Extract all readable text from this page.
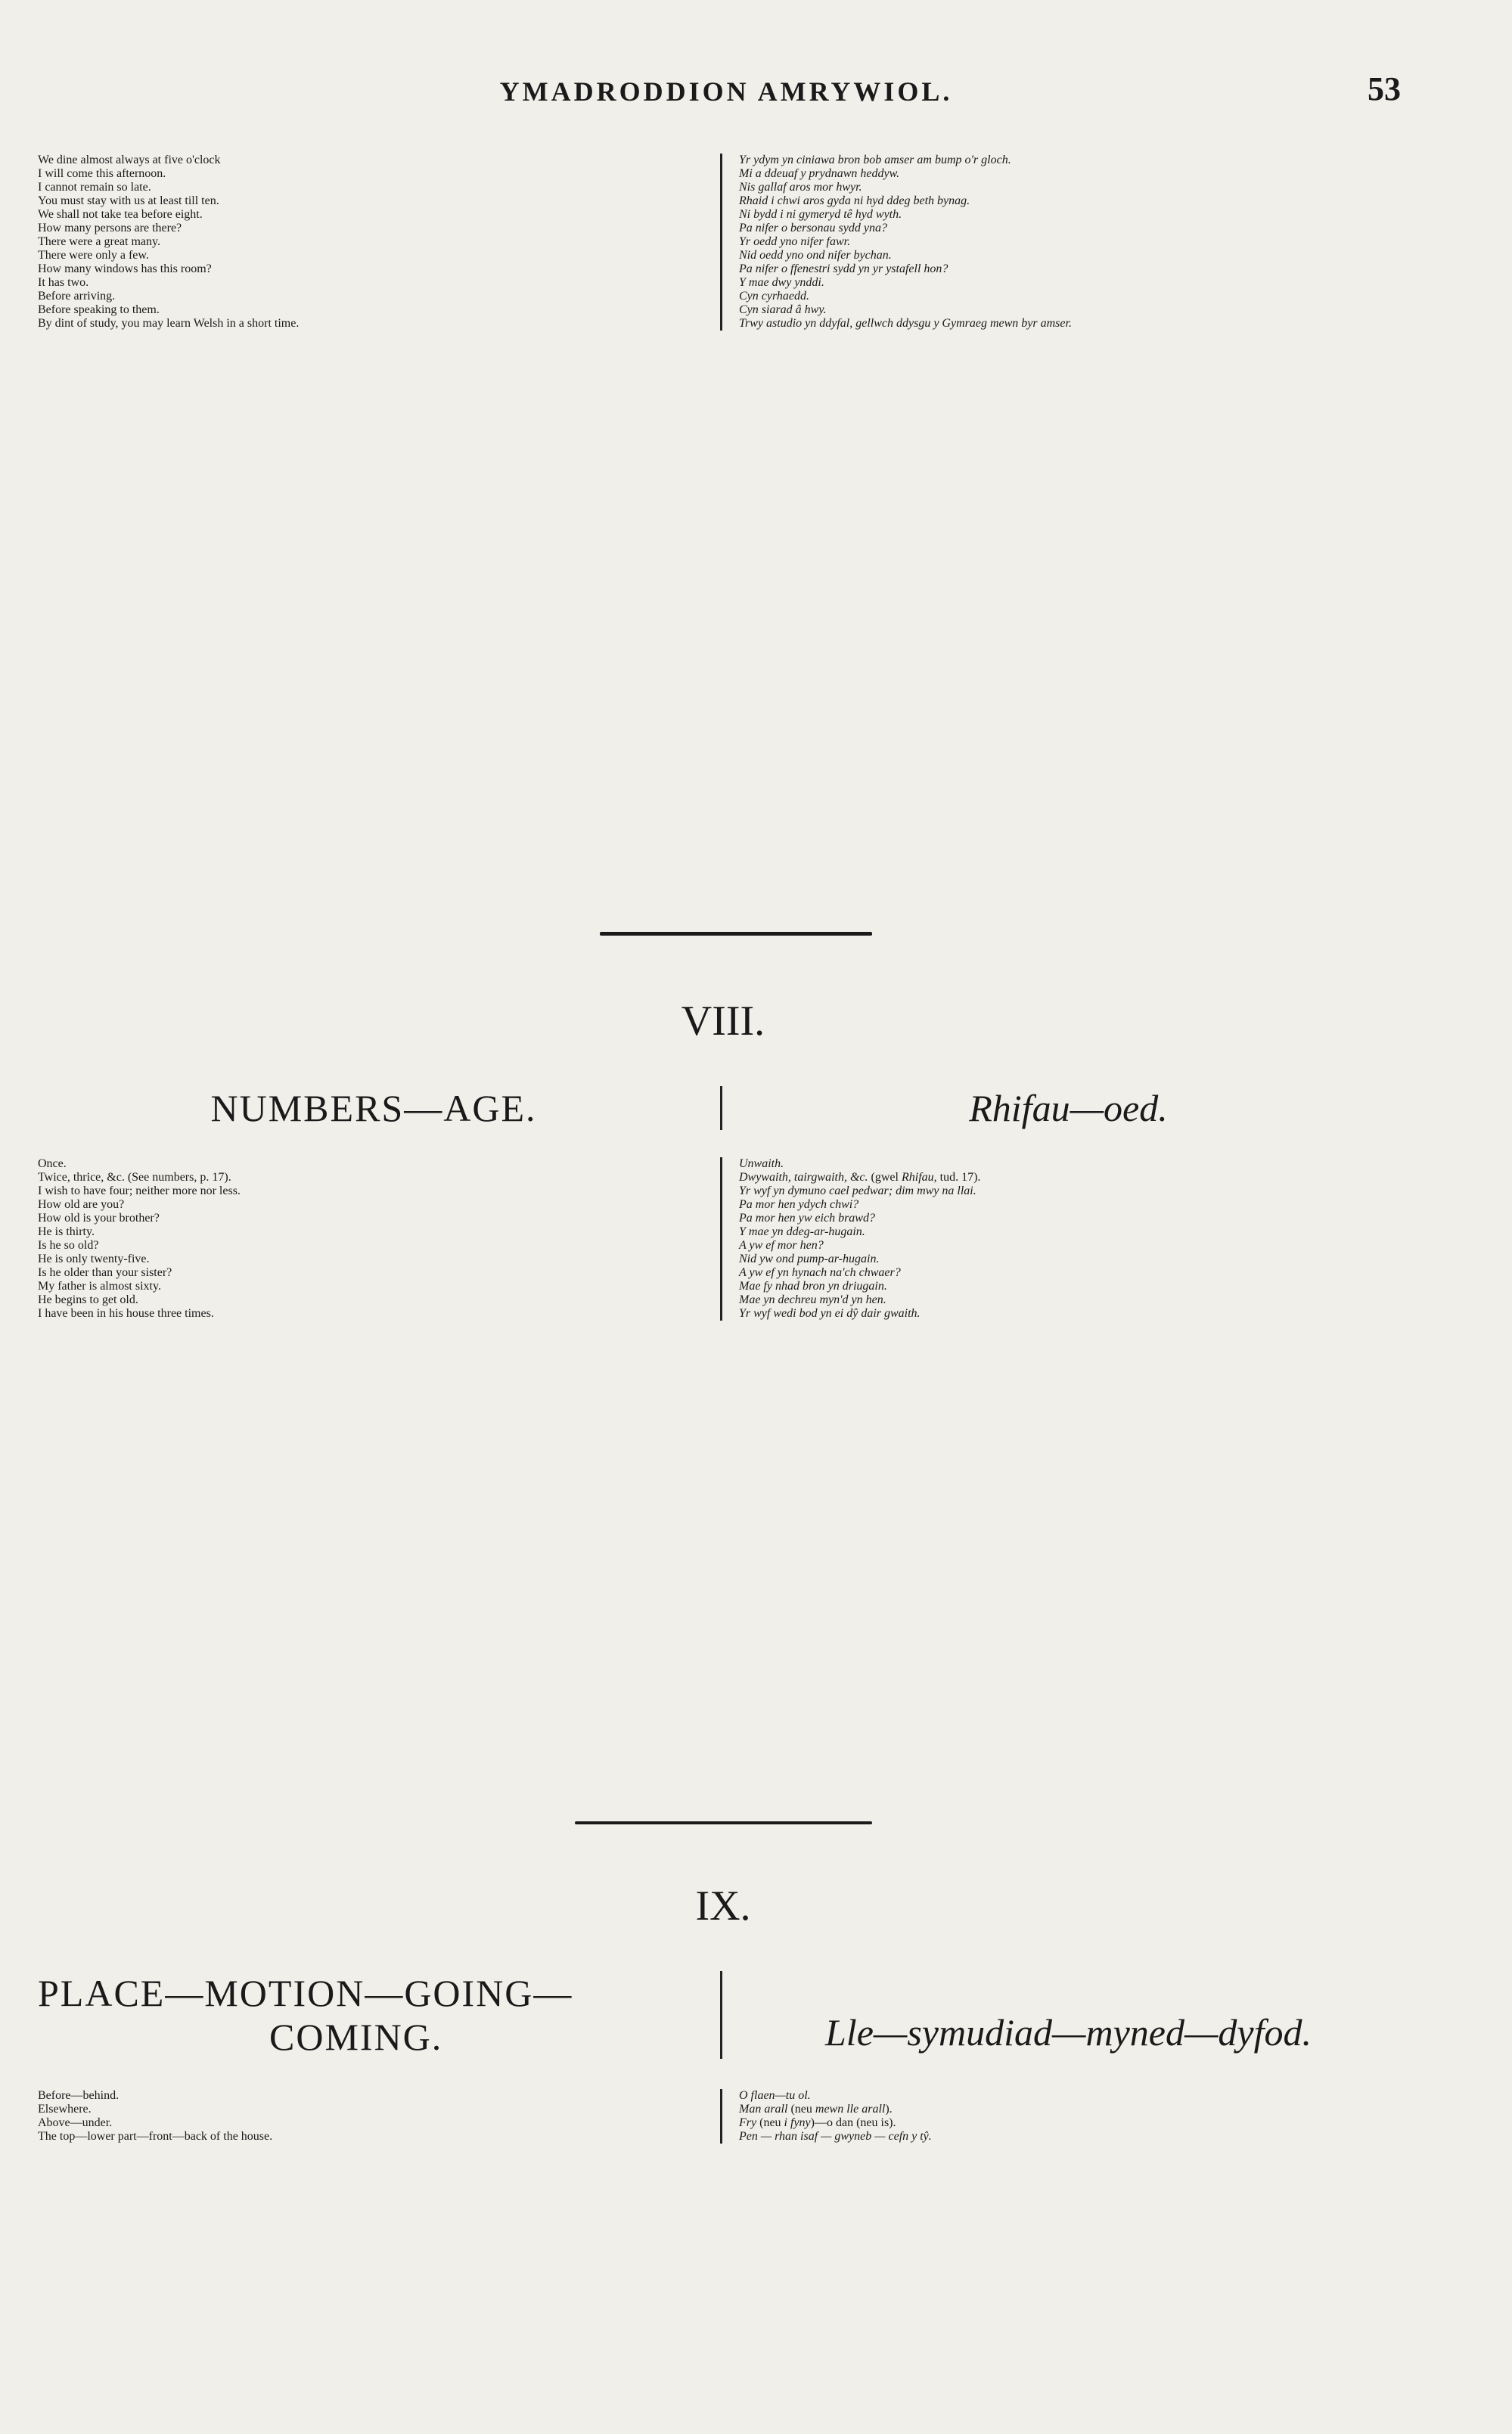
YMADRODDION AMRYWIOL.	53
We dine almost always at five o'clock	Yr ydym yn ciniawa bron bob amser am bump o'r gloch.
I will come this afternoon.	Mi a ddeuaf y prydnawn heddyw.
I cannot remain so late.	Nis gallaf aros mor hwyr.
You must stay with us at least till ten.	Rhaid i chwi aros gyda ni hyd ddeg beth bynag.
We shall not take tea before eight.	Ni bydd i ni gymeryd tê hyd wyth.
How many persons are there?	Pa nifer o bersonau sydd yna?
There were a great many.	Yr oedd yno nifer fawr.
There were only a few.	Nid oedd yno ond nifer bychan.
How many windows has this room?	Pa nifer o ffenestri sydd yn yr ystafell hon?
It has two.	Y mae dwy ynddi.
Before arriving.	Cyn cyrhaedd.
Before speaking to them.	Cyn siarad â hwy.
By dint of study, you may learn Welsh in a short time.	Trwy astudio yn ddyfal, gellwch ddysgu y Gymraeg mewn byr amser.
VIII.
NUMBERS—AGE.	Rhifau—oed.
Once.	Unwaith.
Twice, thrice, &c. (See numbers, p. 17).	Dwywaith, tairgwaith, &c. (gwel Rhifau, tud. 17).
I wish to have four; neither more nor less.	Yr wyf yn dymuno cael pedwar; dim mwy na llai.
How old are you?	Pa mor hen ydych chwi?
How old is your brother?	Pa mor hen yw eich brawd?
He is thirty.	Y mae yn ddeg-ar-hugain.
Is he so old?	A yw ef mor hen?
He is only twenty-five.	Nid yw ond pump-ar-hugain.
Is he older than your sister?	A yw ef yn hynach na'ch chwaer?
My father is almost sixty.	Mae fy nhad bron yn driugain.
He begins to get old.	Mae yn dechreu myn'd yn hen.
I have been in his house three times.	Yr wyf wedi bod yn ei dŷ dair gwaith.
IX.
PLACE—MOTION—GOING—
COMING.	Lle—symudiad—myned—dyfod.
Before—behind.	O flaen—tu ol.
Elsewhere.	Man arall (neu mewn lle arall).
Above—under.	Fry (neu i fyny)—o dan (neu is).
The top—lower part—front—back of the house.	Pen — rhan isaf — gwyneb — cefn y tŷ.
